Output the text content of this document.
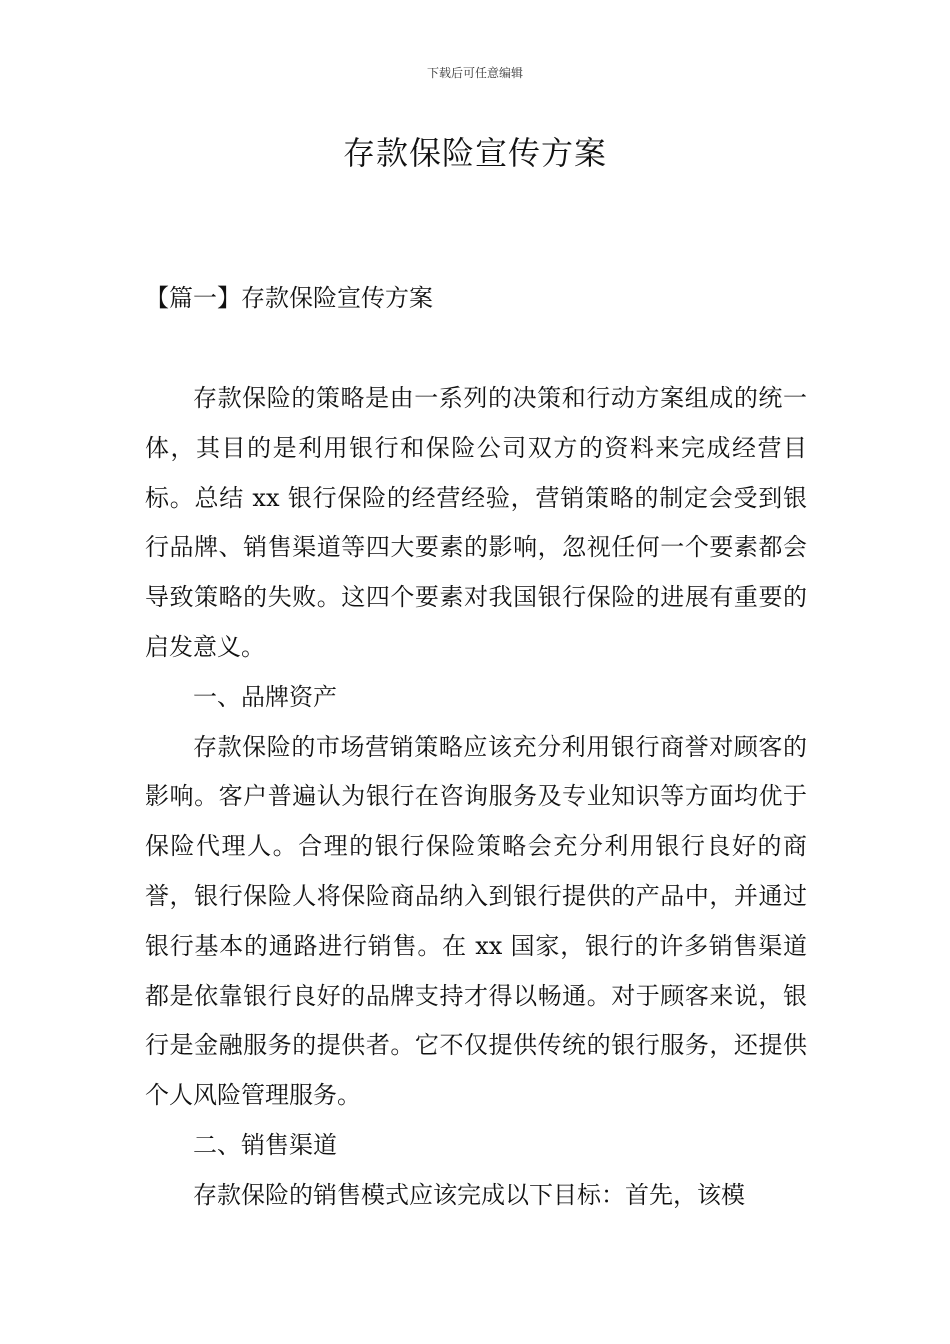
下载后可任意编辑
存款保险宣传方案
【篇一】存款保险宣传方案

存款保险的策略是由一系列的决策和行动方案组成的统一体，其目的是利用银行和保险公司双方的资料来完成经营目标。总结 xx 银行保险的经营经验，营销策略的制定会受到银行品牌、销售渠道等四大要素的影响，忽视任何一个要素都会导致策略的失败。这四个要素对我国银行保险的进展有重要的启发意义。

一、品牌资产

存款保险的市场营销策略应该充分利用银行商誉对顾客的影响。客户普遍认为银行在咨询服务及专业知识等方面均优于保险代理人。合理的银行保险策略会充分利用银行良好的商誉，银行保险人将保险商品纳入到银行提供的产品中，并通过银行基本的通路进行销售。在 xx 国家，银行的许多销售渠道都是依靠银行良好的品牌支持才得以畅通。对于顾客来说，银行是金融服务的提供者。它不仅提供传统的银行服务，还提供个人风险管理服务。

二、销售渠道

存款保险的销售模式应该完成以下目标：首先，该模
